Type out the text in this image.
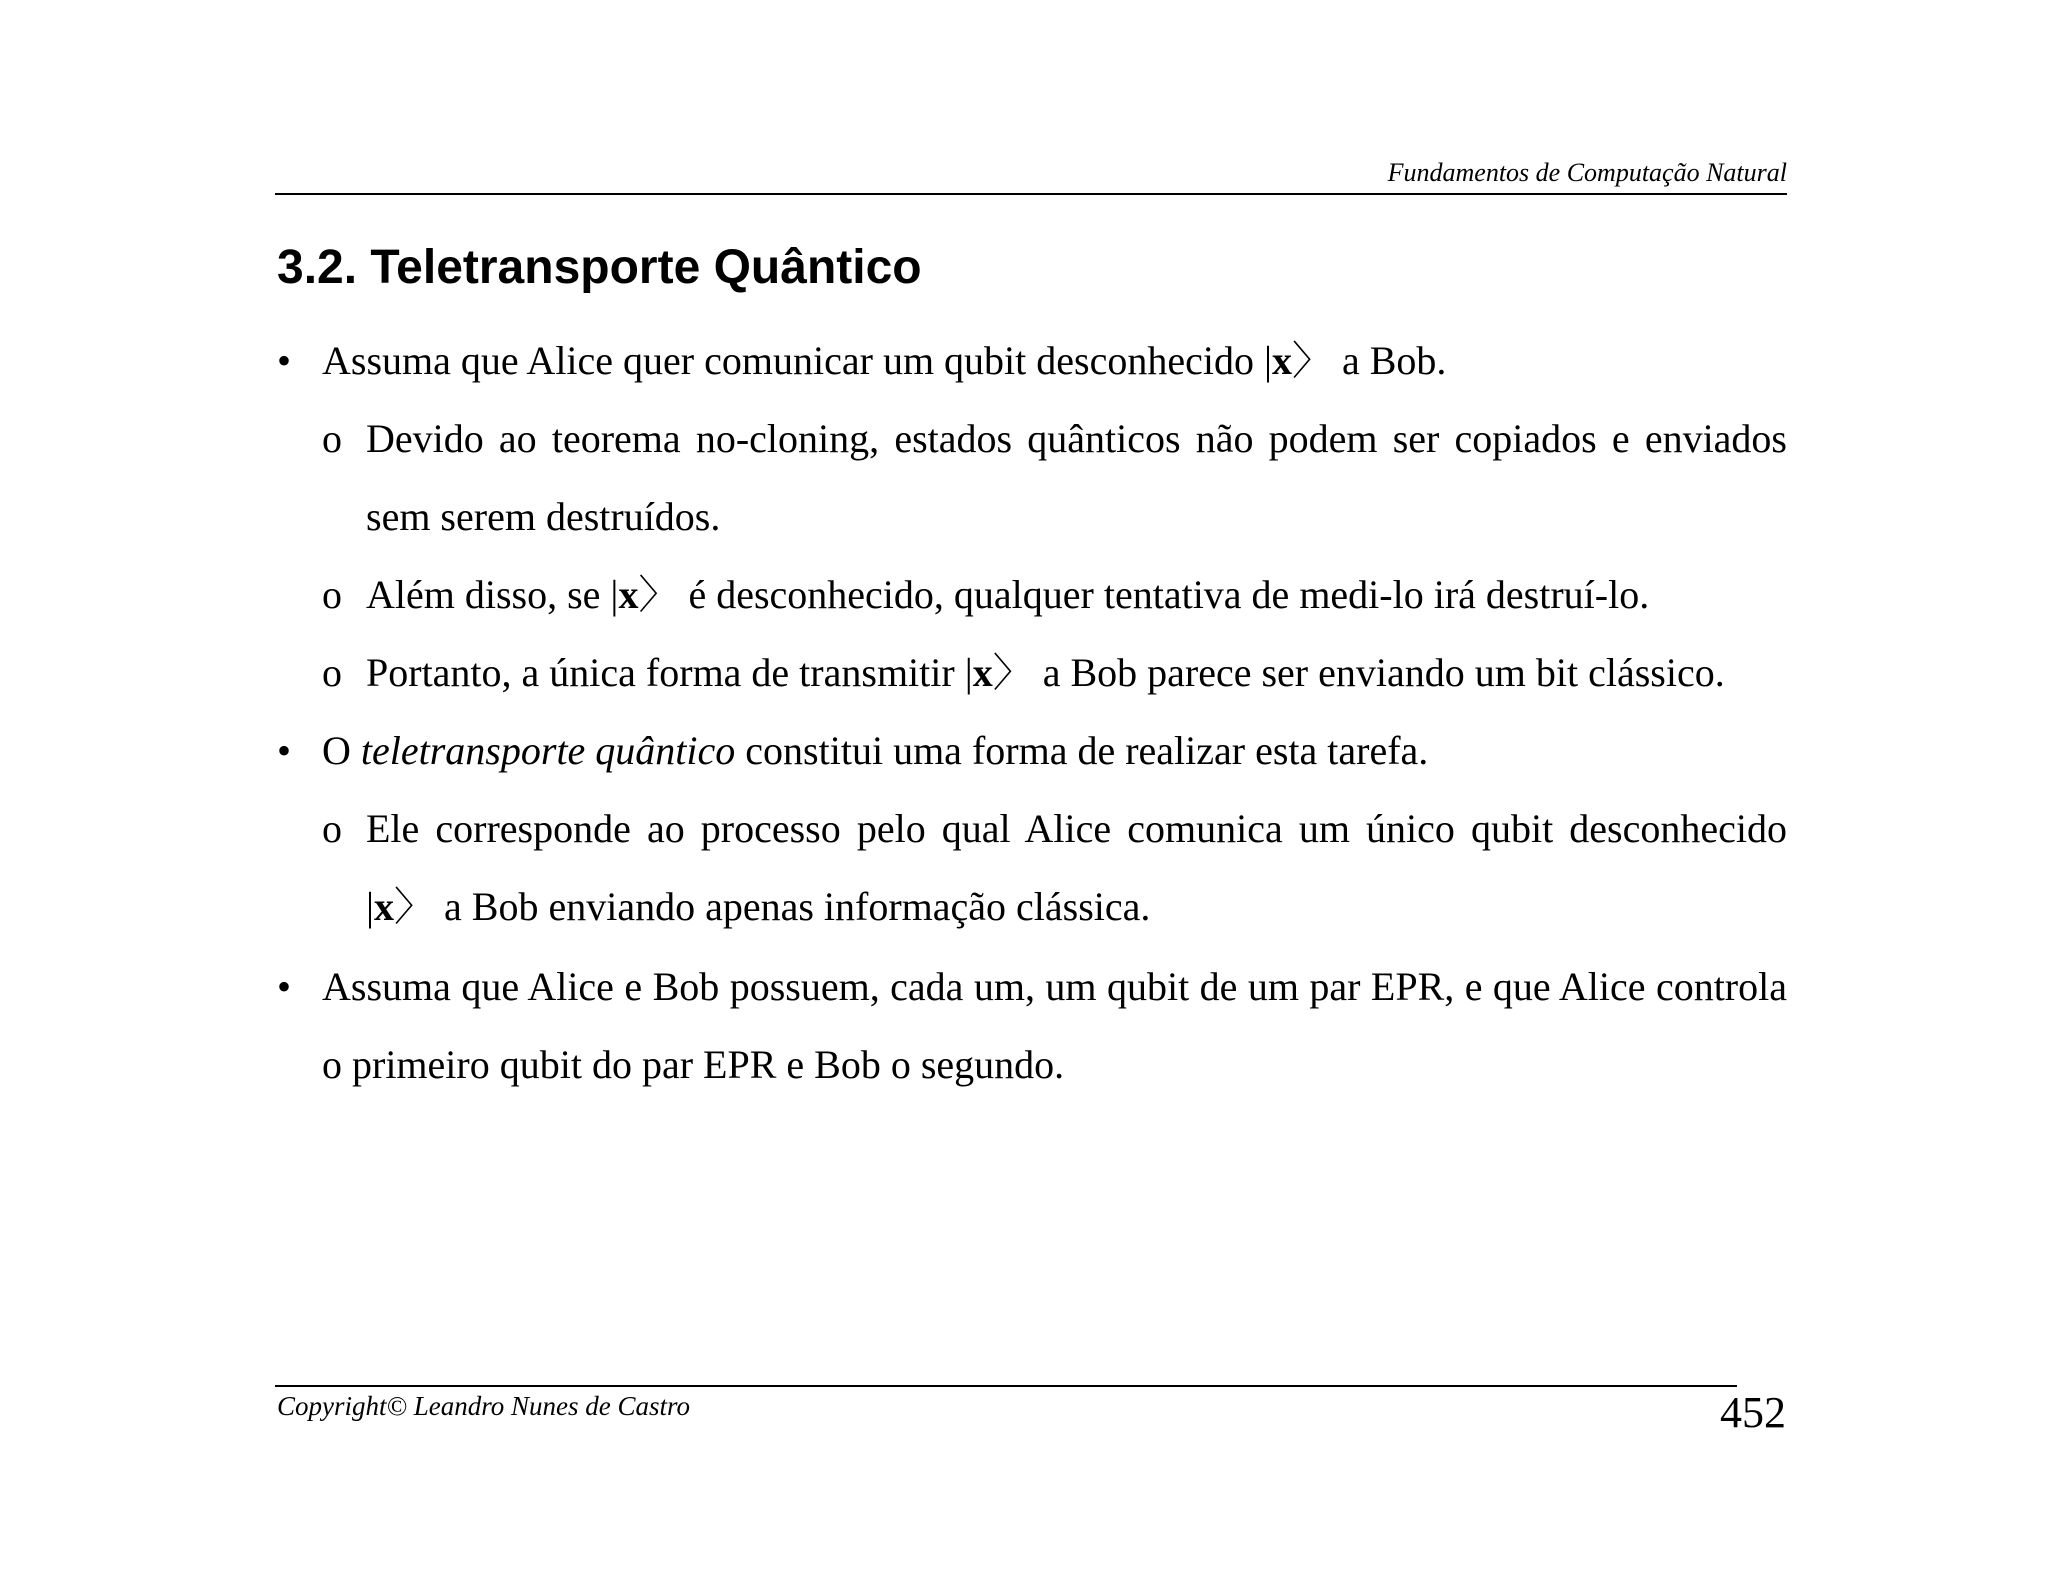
Fundamentos de Computação Natural
3.2. Teletransporte Quântico
• Assuma que Alice quer comunicar um qubit desconhecido |x〉 a Bob.
o Devido ao teorema no-cloning, estados quânticos não podem ser copiados e enviados sem serem destruídos.
o Além disso, se |x〉 é desconhecido, qualquer tentativa de medi-lo irá destruí-lo.
o Portanto, a única forma de transmitir |x〉 a Bob parece ser enviando um bit clássico.
• O teletransporte quântico constitui uma forma de realizar esta tarefa.
o Ele corresponde ao processo pelo qual Alice comunica um único qubit desconhecido |x〉 a Bob enviando apenas informação clássica.
• Assuma que Alice e Bob possuem, cada um, um qubit de um par EPR, e que Alice controla o primeiro qubit do par EPR e Bob o segundo.
Copyright© Leandro Nunes de Castro	452
